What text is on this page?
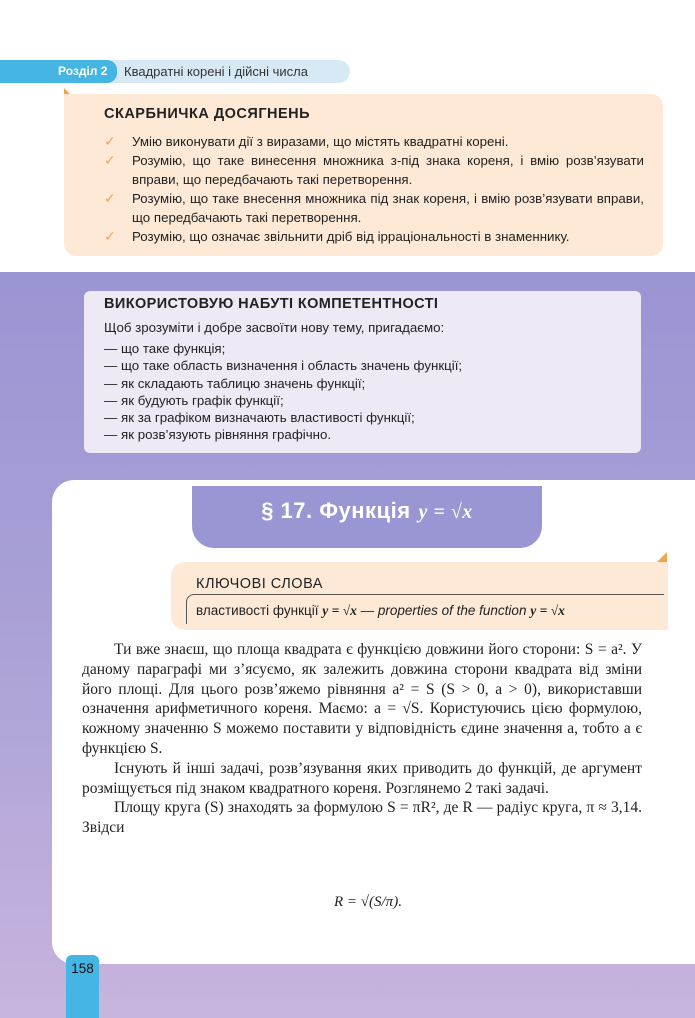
Розділ 2	Квадратні корені і дійсні числа
СКАРБНИЧКА ДОСЯГНЕНЬ
✓ Умію виконувати дії з виразами, що містять квадратні корені.
✓ Розумію, що таке винесення множника з-під знака кореня, і вмію розв’язувати вправи, що передбачають такі перетворення.
✓ Розумію, що таке внесення множника під знак кореня, і вмію розв’язувати вправи, що передбачають такі перетворення.
✓ Розумію, що означає звільнити дріб від ірраціональності в знаменнику.
ВИКОРИСТОВУЮ НАБУТІ КОМПЕТЕНТНОСТІ
Щоб зрозуміти і добре засвоїти нову тему, пригадаємо:
— що таке функція;
— що таке область визначення і область значень функції;
— як складають таблицю значень функції;
— як будують графік функції;
— як за графіком визначають властивості функції;
— як розв’язують рівняння графічно.
§ 17. Функція y = √x
КЛЮЧОВІ СЛОВА
властивості функції y = √x — properties of the function y = √x

Ти вже знаєш, що площа квадрата є функцією довжини його сторони: S = a². У даному параграфі ми з’ясуємо, як залежить довжина сторони квадрата від зміни його площі. Для цього розв’яжемо рівняння a² = S (S > 0, a > 0), використавши означення арифметичного кореня. Маємо: a = √S. Користуючись цією формулою, кожному значенню S можемо поставити у відповідність єдине значення a, тобто a є функцією S.

Існують й інші задачі, розв’язування яких приводить до функцій, де аргумент розміщується під знаком квадратного кореня. Розглянемо 2 такі задачі.

Площу круга (S) знаходять за формулою S = πR², де R — радіус круга, π ≈ 3,14. Звідси

R = √(S/π).
158
